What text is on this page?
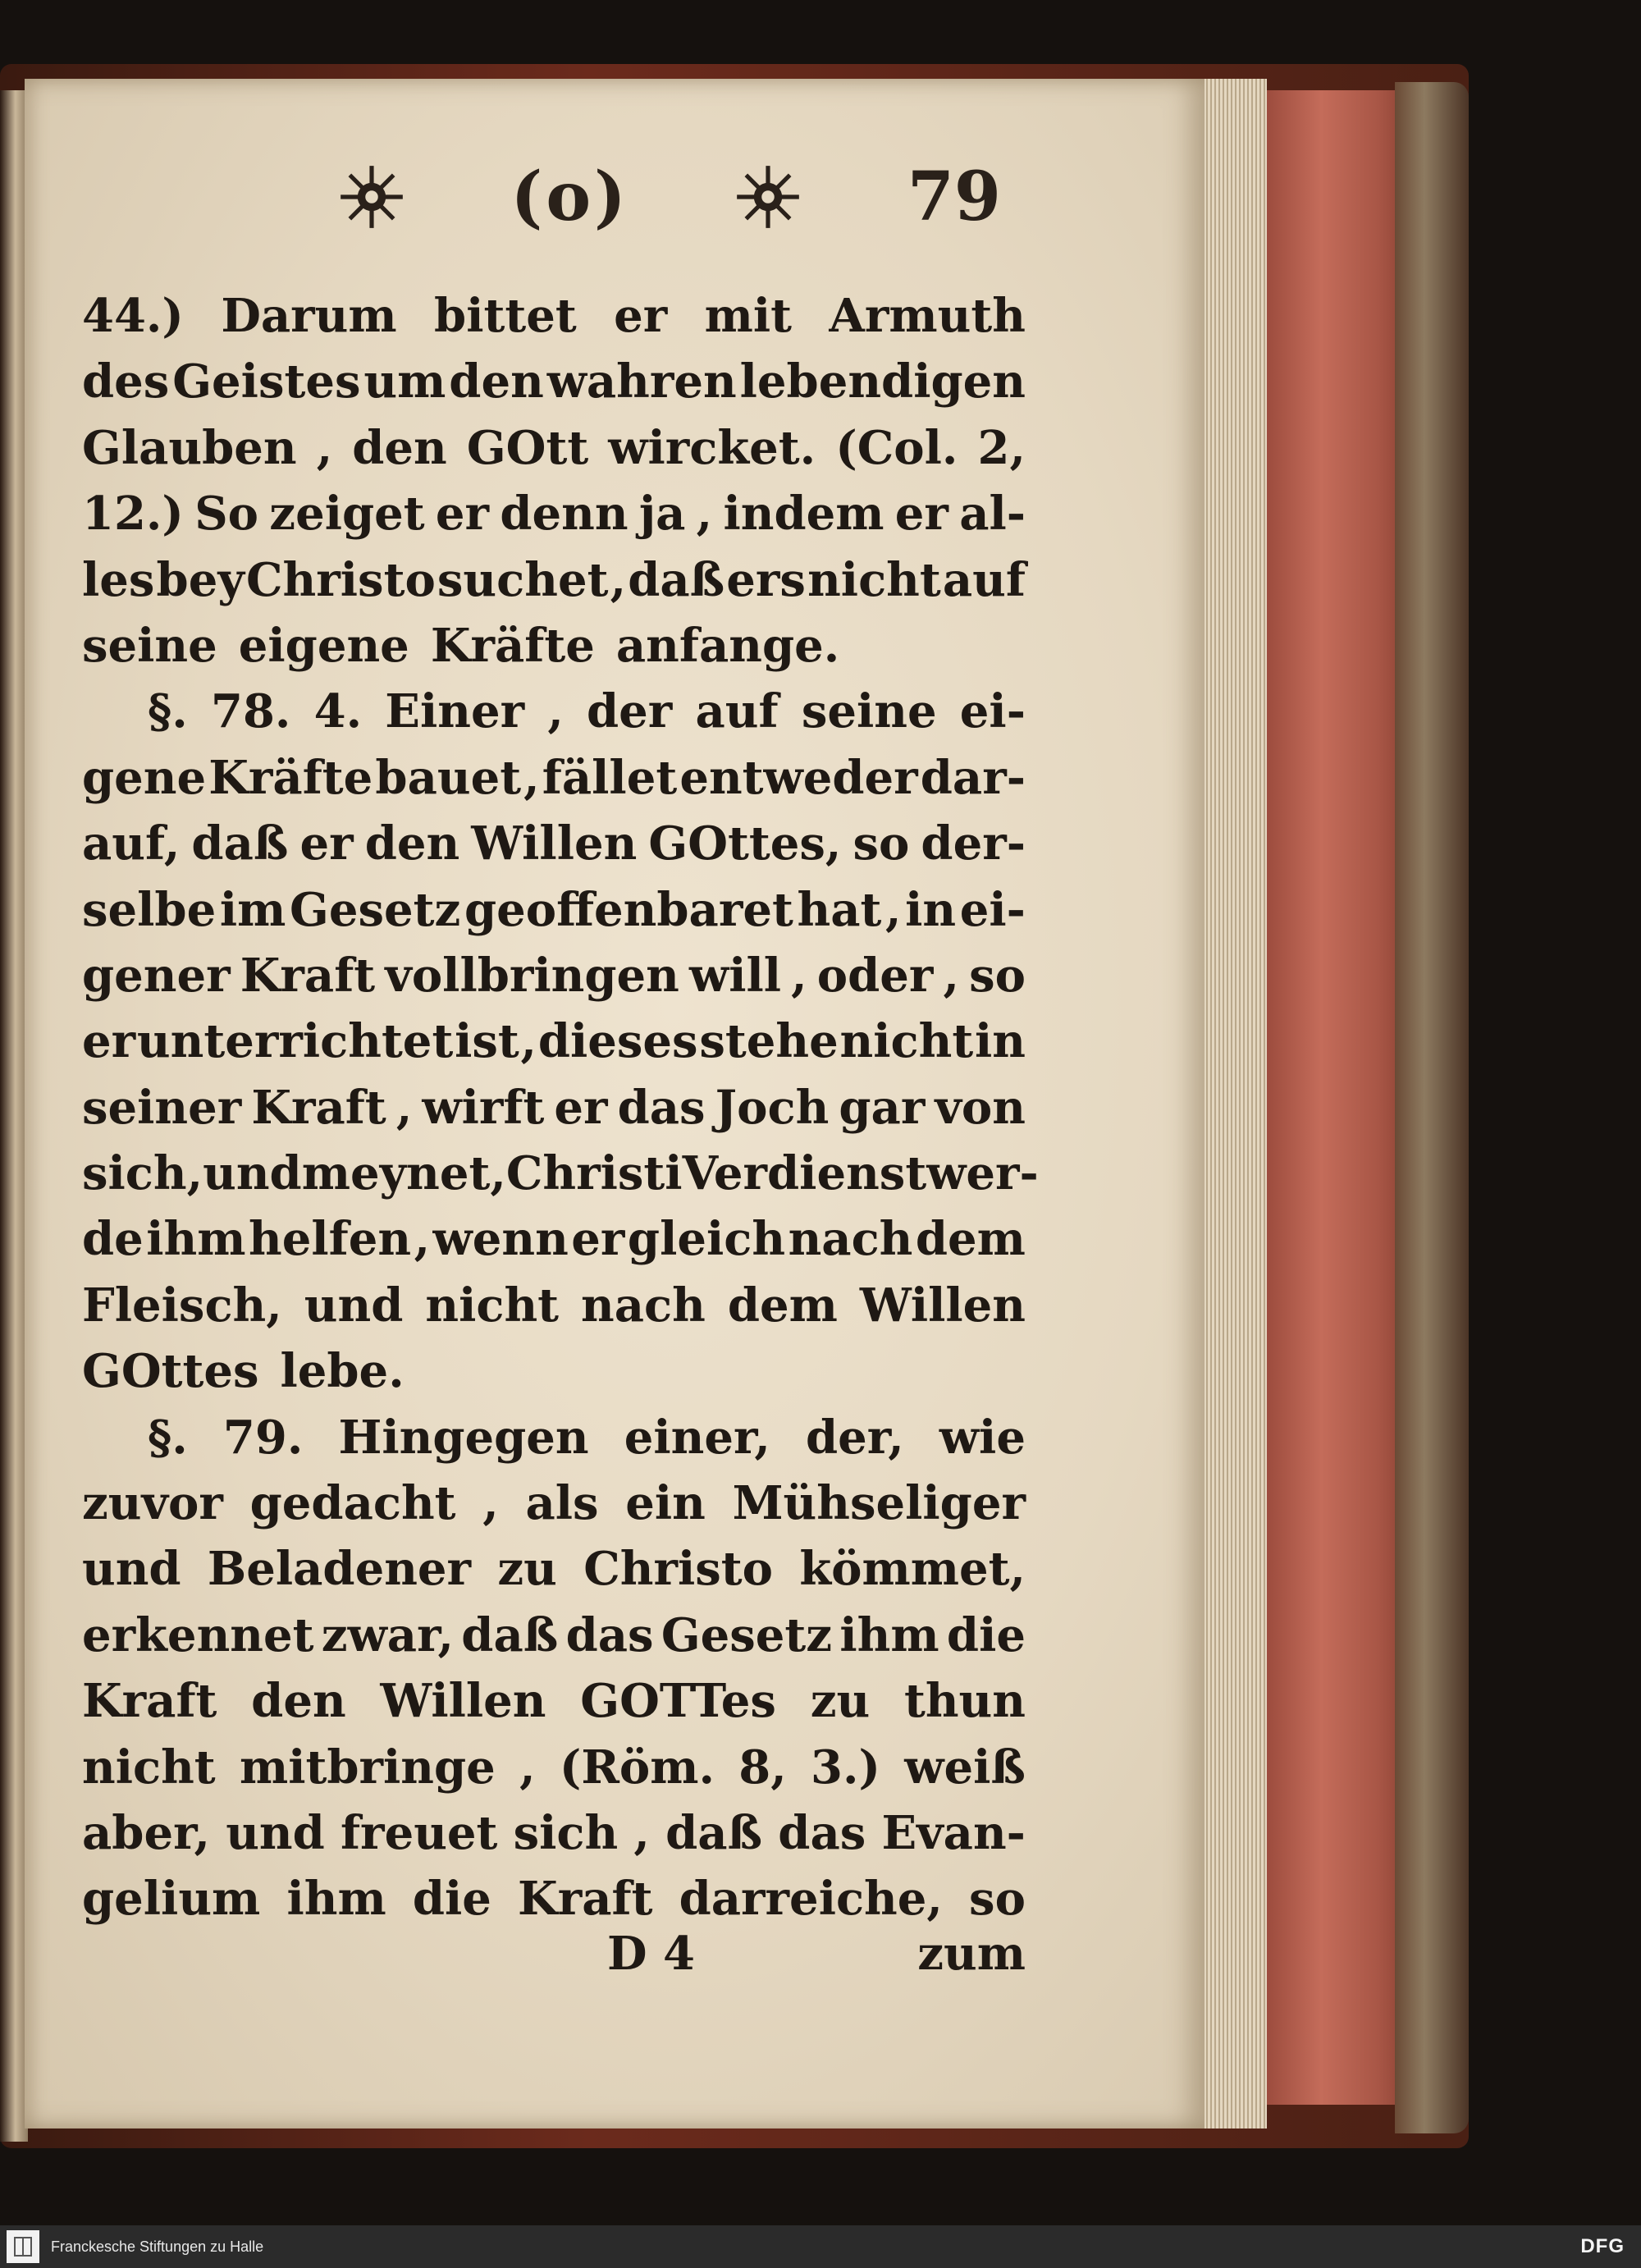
(o)	79
44.) Darum bittet er mit Armuth
des Geistes um den wahren lebendigen
Glauben , den GOtt wircket. (Col. 2,
12.) So zeiget er denn ja , indem er al-
les bey Christo suchet , daß ers nicht auf
seine eigene Kräfte anfange.
§. 78. 4. Einer , der auf seine ei-
gene Kräfte bauet , fället entweder dar-
auf, daß er den Willen GOttes, so der-
selbe im Gesetz geoffenbaret hat , in ei-
gener Kraft vollbringen will , oder , so
er unterrichtet ist , dieses stehe nicht in
seiner Kraft , wirft er das Joch gar von
sich, und meynet, Christi Verdienst wer-
de ihm helfen , wenn er gleich nach dem
Fleisch, und nicht nach dem Willen
GOttes lebe.
§. 79. Hingegen einer, der, wie
zuvor gedacht , als ein Mühseliger
und Beladener zu Christo kömmet,
erkennet zwar, daß das Gesetz ihm die
Kraft den Willen GOTTes zu thun
nicht mitbringe , (Röm. 8, 3.) weiß
aber, und freuet sich , daß das Evan-
gelium ihm die Kraft darreiche, so
D 4	zum
Franckesche Stiftungen zu Halle	DFG
